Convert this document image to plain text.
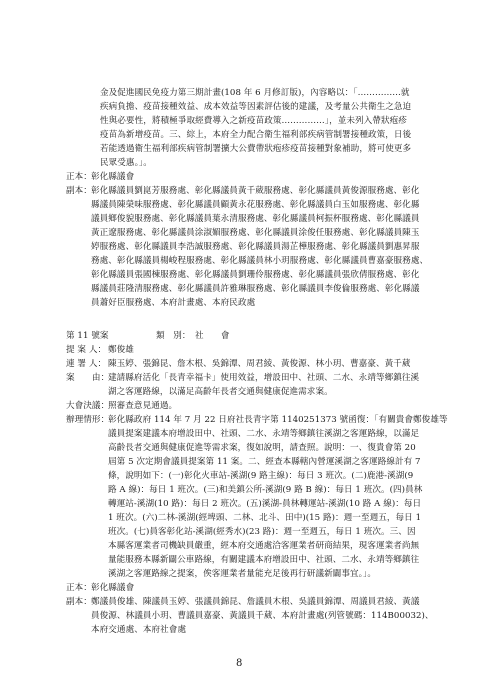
金及促進國民免疫力第三期計畫(108 年 6 月修訂版)，內容略以：「……………就

疾病負擔、疫苗接種效益、成本效益等因素評估後的建議，及考量公共衛生之急迫

性與必要性，將積極爭取經費導入之新疫苗政策……………」，並未列入帶狀疱疹

疫苗為新增疫苗。三、綜上，本府全力配合衛生福利部疾病管制署接種政策，日後

若能透過衛生福利部疾病管制署擴大公費帶狀疱疹疫苗接種對象補助，將可使更多

民眾受惠。」。

正本： 彰化縣議會

副本： 彰化縣議員劉崑芳服務處、彰化縣議員黃千葳服務處、彰化縣議員黃俊源服務處、彰化

縣議員陳榮味服務處、彰化縣議員顧黃永花服務處、彰化縣議員白玉如服務處、彰化縣

議員鄉俊貌服務處、彰化縣議員葉永清服務處、彰化縣議員柯振杯服務處、彰化縣議員

黃正遼服務處、彰化縣議員涂淑媚服務處、彰化縣議員涂俊任服務處、彰化縣議員陳玉

婷服務處、彰化縣議員李浩誠服務處、彰化縣議員湯芷樺服務處、彰化縣議員劉惠昇服

務處、彰化縣議員楊峻程服務處、彰化縣議員林小玥服務處、彰化縣議員曹嘉豪服務處、

彰化縣議員張國棟服務處、彰化縣議員劉珊伶服務處、彰化縣議員張欣倩服務處、彰化

縣議員莊隆清服務處、彰化縣議員許雅琳服務處、彰化縣議員李俊倫服務處、彰化縣議

員蕭好臣服務處、本府計畫處、本府民政處

第 11 號案	類　別： 社　　會

提 案 人： 鄭俊雄

連 署 人： 陳玉婷、張錦昆、詹木根、吳錦潭、周君綾、黃俊源、林小玥、曹嘉豪、黃千葳

案　　由：

建請縣府活化「長青幸福卡」使用效益，增設田中、社頭、二水、永靖等鄉鎮往溪

湖之客運路線，以滿足高齡年長者交通與健康促進需求案。

大會決議：

照審查意見通過。

辦理情形：

彰化縣政府 114 年 7 月 22 日府社長青字第 1140251373 號函復：「有關貴會鄭俊雄等

議員提案建議本府增設田中、社頭、二水、永靖等鄉鎮往溪湖之客運路線，以滿足

高齡長者交通與健康促進等需求案，復如說明，請查照。說明：一、復貴會第 20

屆第 5 次定期會議員提案第 11 案。二、經查本縣轄內營運溪湖之客運路線計有 7

條，說明如下：(一)彰化火車站-溪湖(9 路主線)：每日 3 班次。(二)鹿港-溪湖(9

路 A 線)：每日 1 班次。(三)和美鎮公所-溪湖(9 路 B 線)：每日 1 班次。(四)員林

轉運站-溪湖(10 路)：每日 2 班次。(五)溪湖-員林轉運站-溪湖(10 路 A 線)：每日

1 班次。(六)二林-溪湖(經埤頭、二林、北斗、田中)(15 路)：週一至週五，每日 1

班次。(七)員客彰化站-溪湖(經秀水)(23 路)：週一至週五，每日 1 班次。三、因

本縣客運業者司機缺員嚴重，經本府交通處洽客運業者研商結果，現客運業者尚無

量能服務本縣新闢公車路線，有關建議本府增設田中、社頭、二水、永靖等鄉鎮往

溪湖之客運路線之提案，俟客運業者量能充足後再行研議新闢事宜。」。

正本： 彰化縣議會

副本： 鄭議員俊雄、陳議員玉婷、張議員錦昆、詹議員木根、吳議員錦潭、周議員君綾、黃議

員俊源、林議員小玥、曹議員嘉豪、黃議員千葳、本府計畫處(列管號碼：114B00032)、

本府交通處、本府社會處

8
